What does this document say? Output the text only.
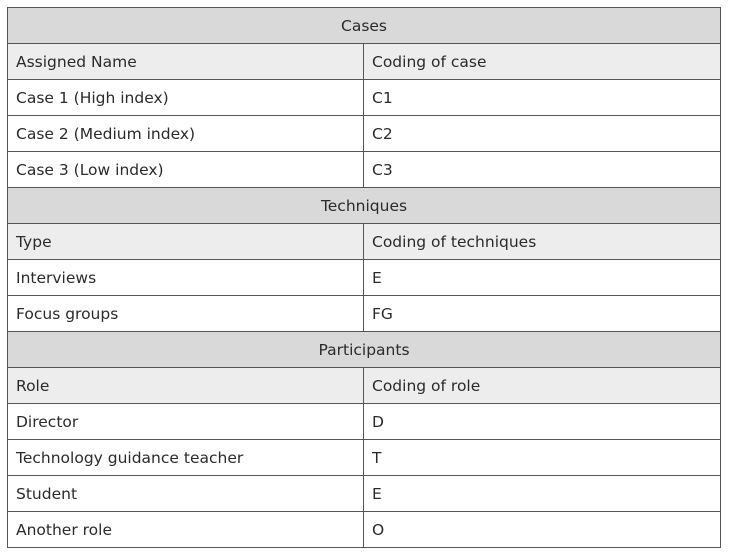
Cases	
Assigned Name	Coding of case
Case 1 (High index)	C1
Case 2 (Medium index)	C2
Case 3 (Low index)	C3
Techniques	
Type	Coding of techniques
Interviews	E
Focus groups	FG
Participants	
Role	Coding of role
Director	D
Technology guidance teacher	T
Student	E
Another role	O
